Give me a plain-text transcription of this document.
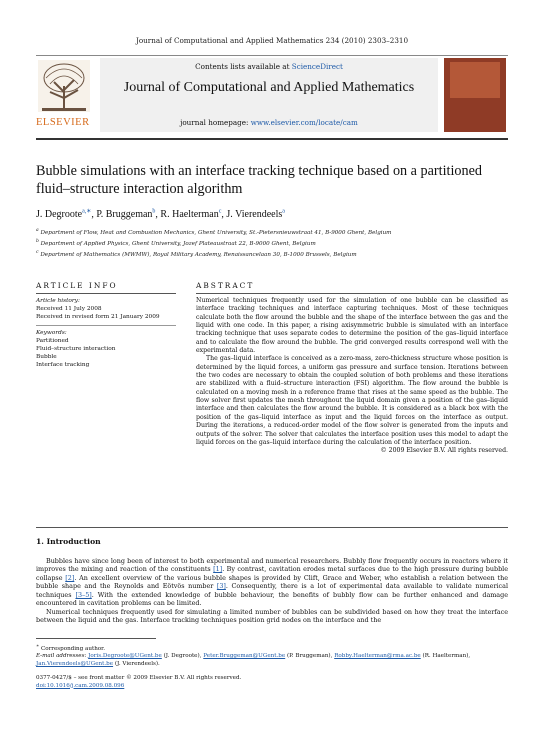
Journal of Computational and Applied Mathematics 234 (2010) 2303–2310
ELSEVIER
Contents lists available at ScienceDirect
Journal of Computational and Applied Mathematics
journal homepage: www.elsevier.com/locate/cam
Bubble simulations with an interface tracking technique based on a partitioned fluid–structure interaction algorithm
J. Degroote$^{a,∗}$, P. Bruggeman$^b$, R. Haelterman$^c$, J. Vierendeels$^a$
$^a$ Department of Flow, Heat and Combustion Mechanics, Ghent University, St.-Pietersnieuwstraat 41, B-9000 Ghent, Belgium
$^b$ Department of Applied Physics, Ghent University, Jozef Plateaustraat 22, B-9000 Ghent, Belgium
$^c$ Department of Mathematics (MWMW), Royal Military Academy, Renaissancelaan 30, B-1000 Brussels, Belgium
ARTICLE INFO	ABSTRACT
Article history:
Received 11 July 2008
Received in revised form 21 January 2009
Keywords:
Partitioned
Fluid–structure interaction
Bubble
Interface tracking

Numerical techniques frequently used for the simulation of one bubble can be classified as interface tracking techniques and interface capturing techniques. Most of these techniques calculate both the flow around the bubble and the shape of the interface between the gas and the liquid with one code. In this paper, a rising axisymmetric bubble is simulated with an interface tracking technique that uses separate codes to determine the position of the gas–liquid interface and to calculate the flow around the bubble. The grid converged results correspond well with the experimental data.

The gas–liquid interface is conceived as a zero-mass, zero-thickness structure whose position is determined by the liquid forces, a uniform gas pressure and surface tension. Iterations between the two codes are necessary to obtain the coupled solution of both problems and these iterations are stabilized with a fluid–structure interaction (FSI) algorithm. The flow around the bubble is calculated on a moving mesh in a reference frame that rises at the same speed as the bubble. The flow solver first updates the mesh throughout the liquid domain given a position of the gas–liquid interface and then calculates the flow around the bubble. It is considered as a black box with the position of the gas–liquid interface as input and the liquid forces on the interface as output. During the iterations, a reduced-order model of the flow solver is generated from the inputs and outputs of the solver. The solver that calculates the interface position uses this model to adapt the liquid forces on the gas–liquid interface during the calculation of the interface position.

© 2009 Elsevier B.V. All rights reserved.

1. Introduction

Bubbles have since long been of interest to both experimental and numerical researchers. Bubbly flow frequently occurs in reactors where it improves the mixing and reaction of the constituents [1]. By contrast, cavitation erodes metal surfaces due to the high pressure during bubble collapse [2]. An excellent overview of the various bubble shapes is provided by Clift, Grace and Weber, who establish a relation between the bubble shape and the Reynolds and Eötvös number [3]. Consequently, there is a lot of experimental data available to validate numerical techniques [3–5]. With the extended knowledge of bubble behaviour, the benefits of bubbly flow can be further enhanced and damage encountered in cavitation problems can be limited.

Numerical techniques frequently used for simulating a limited number of bubbles can be subdivided based on how they treat the interface between the liquid and the gas. Interface tracking techniques position grid nodes on the interface and the

∗ Corresponding author.
E-mail addresses: Joris.Degroote@UGent.be (J. Degroote), Peter.Bruggeman@UGent.be (P. Bruggeman), Robby.Haelterman@rma.ac.be (R. Haelterman), Jan.Vierendeels@UGent.be (J. Vierendeels).
0377-0427/$ – see front matter © 2009 Elsevier B.V. All rights reserved.
doi:10.1016/j.cam.2009.08.096
